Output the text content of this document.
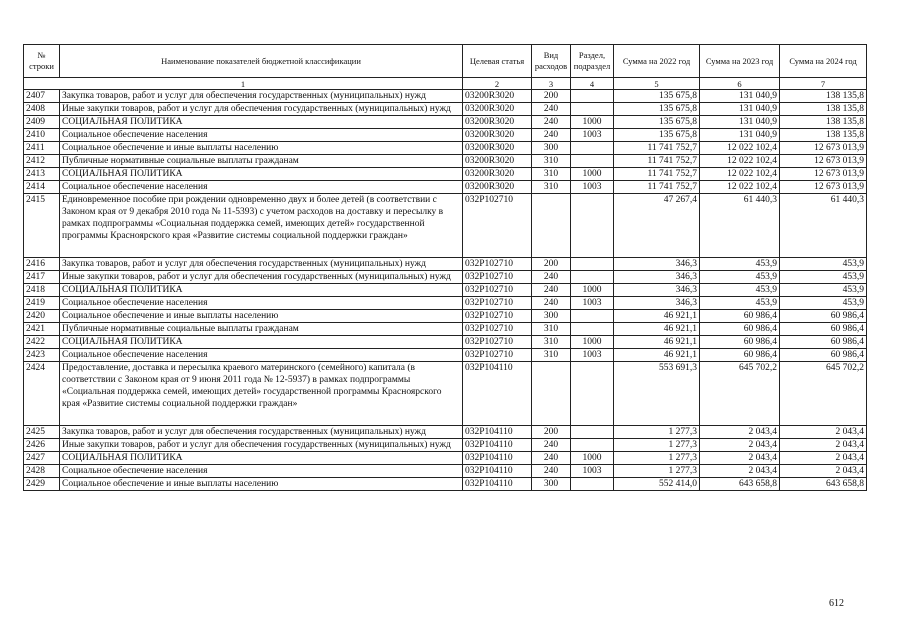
№ строки	Наименование показателей бюджетной классификации	Целевая статья	Вид расходов	Раздел, подраздел	Сумма на 2022 год	Сумма на 2023 год	Сумма на 2024 год
1		2	3	4	5	6	7
2407	Закупка товаров, работ и услуг для обеспечения государственных (муниципальных) нужд	03200R3020	200		135 675,8	131 040,9	138 135,8
2408	Иные закупки товаров, работ и услуг для обеспечения государственных (муниципальных) нужд	03200R3020	240		135 675,8	131 040,9	138 135,8
2409	СОЦИАЛЬНАЯ ПОЛИТИКА	03200R3020	240	1000	135 675,8	131 040,9	138 135,8
2410	Социальное обеспечение населения	03200R3020	240	1003	135 675,8	131 040,9	138 135,8
2411	Социальное обеспечение и иные выплаты населению	03200R3020	300		11 741 752,7	12 022 102,4	12 673 013,9
2412	Публичные нормативные социальные выплаты гражданам	03200R3020	310		11 741 752,7	12 022 102,4	12 673 013,9
2413	СОЦИАЛЬНАЯ ПОЛИТИКА	03200R3020	310	1000	11 741 752,7	12 022 102,4	12 673 013,9
2414	Социальное обеспечение населения	03200R3020	310	1003	11 741 752,7	12 022 102,4	12 673 013,9
2415	Единовременное пособие при рождении одновременно двух и более детей (в соответствии с Законом края от 9 декабря 2010 года № 11-5393) с учетом расходов на доставку и пересылку в рамках подпрограммы «Социальная поддержка семей, имеющих детей» государственной программы Красноярского края «Развитие системы социальной поддержки граждан»	032P102710			47 267,4	61 440,3	61 440,3
2416	Закупка товаров, работ и услуг для обеспечения государственных (муниципальных) нужд	032P102710	200		346,3	453,9	453,9
2417	Иные закупки товаров, работ и услуг для обеспечения государственных (муниципальных) нужд	032P102710	240		346,3	453,9	453,9
2418	СОЦИАЛЬНАЯ ПОЛИТИКА	032P102710	240	1000	346,3	453,9	453,9
2419	Социальное обеспечение населения	032P102710	240	1003	346,3	453,9	453,9
2420	Социальное обеспечение и иные выплаты населению	032P102710	300		46 921,1	60 986,4	60 986,4
2421	Публичные нормативные социальные выплаты гражданам	032P102710	310		46 921,1	60 986,4	60 986,4
2422	СОЦИАЛЬНАЯ ПОЛИТИКА	032P102710	310	1000	46 921,1	60 986,4	60 986,4
2423	Социальное обеспечение населения	032P102710	310	1003	46 921,1	60 986,4	60 986,4
2424	Предоставление, доставка и пересылка краевого материнского (семейного) капитала (в соответствии с Законом края от 9 июня 2011 года № 12-5937) в рамках подпрограммы «Социальная поддержка семей, имеющих детей» государственной программы Красноярского края «Развитие системы социальной поддержки граждан»	032P104110			553 691,3	645 702,2	645 702,2
2425	Закупка товаров, работ и услуг для обеспечения государственных (муниципальных) нужд	032P104110	200		1 277,3	2 043,4	2 043,4
2426	Иные закупки товаров, работ и услуг для обеспечения государственных (муниципальных) нужд	032P104110	240		1 277,3	2 043,4	2 043,4
2427	СОЦИАЛЬНАЯ ПОЛИТИКА	032P104110	240	1000	1 277,3	2 043,4	2 043,4
2428	Социальное обеспечение населения	032P104110	240	1003	1 277,3	2 043,4	2 043,4
2429	Социальное обеспечение и иные выплаты населению	032P104110	300		552 414,0	643 658,8	643 658,8
612
